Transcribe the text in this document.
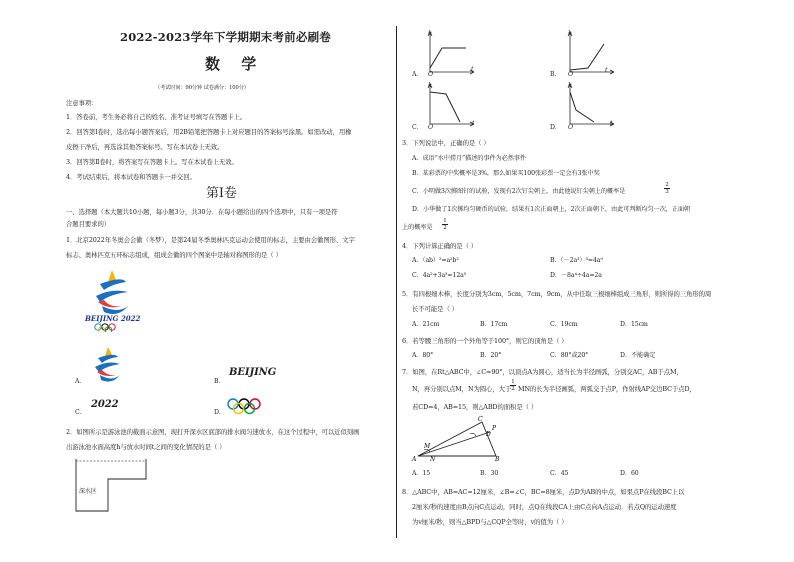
2022-2023学年下学期期末考前必刷卷
数 学
（考试时间：90分钟 试卷满分：100分）
注意事项：
1．答卷前，考生务必将自己的姓名、准考证号填写在答题卡上。
2．回答第Ⅰ卷时，选出每小题答案后，用2B铅笔把答题卡上对应题目的答案标号涂黑。如需改动，用橡
皮擦干净后，再选涂其他答案标号。写在本试卷上无效。
3．回答第Ⅱ卷时，将答案写在答题卡上。写在本试卷上无效。
4．考试结束后，将本试卷和答题卡一并交回。
第Ⅰ卷
一、选择题（本大题共10小题，每小题3分，共30分．在每小题给出的四个选项中，只有一项是符
合题目要求的）
1．北京2022年冬奥会会徽（冬梦），是第24届冬季奥林匹克运动会使用的标志，主要由会徽图形、文字
标志、奥林匹克五环标志组成，组成会徽的四个图案中是轴对称图形的是（ ）
BEIJING 2022
A．	B．
BEIJING
C．
2022
D．
2．如图所示是游泳池的截面示意图，现打开深水区底部的排水阀匀速放水，在这个过程中，可以近似刻画
出游泳池水面高度h与放水时间t之间的变化情况的是（ ）
深水区
A． O
h
t
B．
h
O
t
C．
h
O
t
D．
h
O
t
3．下列说法中，正确的是（ ）
A．成语“水中捞月”描述的事件为必然事件
B．某彩票的中奖概率是3%，那么如果买100张彩票一定会有3张中奖
C．小明做3次掷图钉的试验，发现有2次钉尖朝上，由此他说钉尖朝上的概率是	$\frac{2}{3}$
D．小华做了1次掷均匀硬币的试验，结果有1次正面朝上，2次正面朝下，由此可判断均匀一次，正面朝
上的概率是 $\frac{1}{2}$
4．下列计算正确的是（ ）
A．（ab）²=a²b²	B．（－2a³）³=4a⁹
C．4a²+3a³=12a⁵	D．－8a⁴÷4a=2a
5．有四根细木棒，长度分别为3cm，5cm，7cm，9cm，从中任取三根细棒组成三角形，则所得的三角形的周
长不可能是（ ）
A．21cm	B．17cm	C．19cm	D．15cm
6．若等腰三角形的一个外角等于100°，则它的顶角是（ ）
A．80°	B．20°	C．80°或20°	D．不能确定
7．如图，在Rt△ABC中，∠C=90°，以顶点A为圆心，适当长为半径画弧，分别交AC，AB于点M，
N，再分别以点M，N为圆心，大于
$\frac{1}{2}$ MN的长为半径画弧，两弧交于点P，作射线AP交边BC于点D，
若CD=4，AB=15，则△ABD的面积是（ ）
C
D
P
M
A N	B
A．15	B．30	C．45	D．60
8．△ABC中，AB=AC=12厘米，∠B=∠C，BC=8厘米，点D为AB的中点，如果点P在线段BC上以
2厘米/秒的速度由B点向C点运动，同时，点Q在线段CA上由C点向A点运动．若点Q的运动速度
为v厘米/秒，则当△BPD与△CQP全等时，v的值为（ ）
